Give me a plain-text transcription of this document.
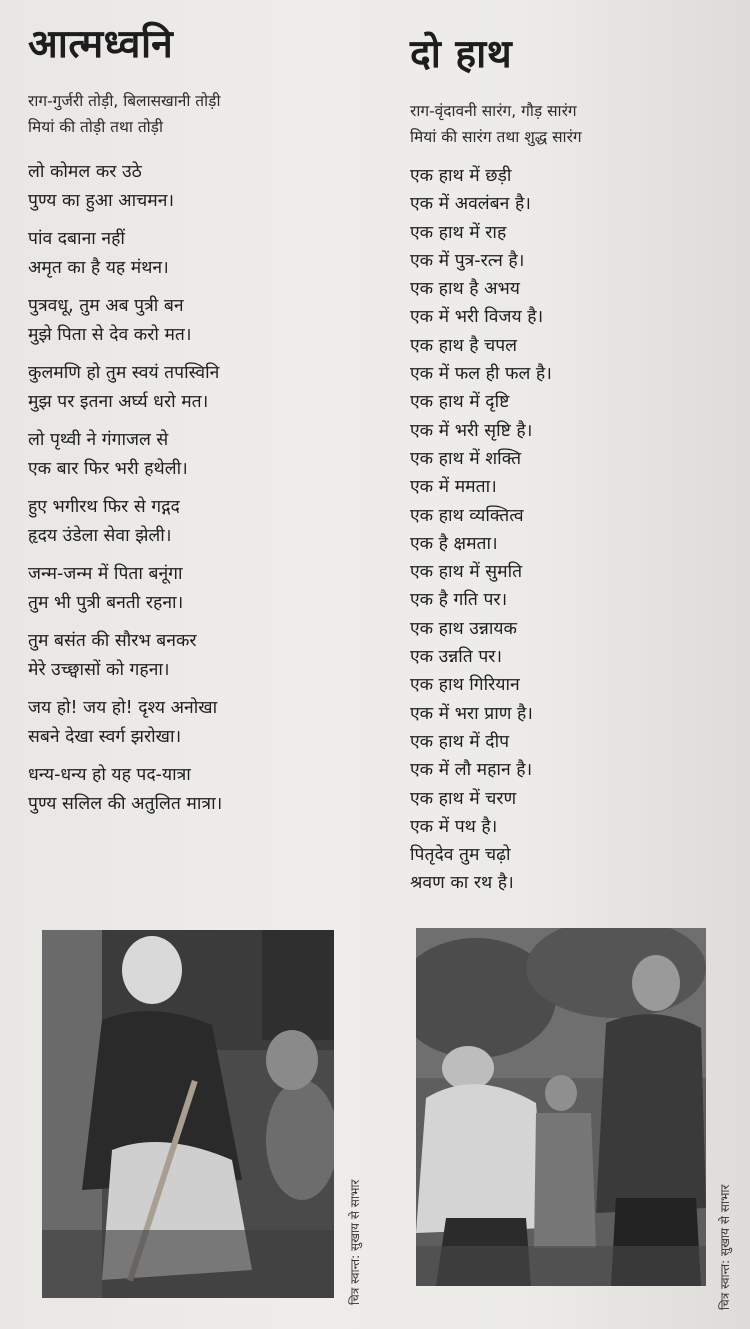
आत्मध्वनि
राग-गुर्जरी तोड़ी, बिलासखानी तोड़ी
मियां की तोड़ी तथा तोड़ी
लो कोमल कर उठे
पुण्य का हुआ आचमन।
पांव दबाना नहीं
अमृत का है यह मंथन।
पुत्रवधू, तुम अब पुत्री बन
मुझे पिता से देव करो मत।
कुलमणि हो तुम स्वयं तपस्विनि
मुझ पर इतना अर्घ्य धरो मत।
लो पृथ्वी ने गंगाजल से
एक बार फिर भरी हथेली।
हुए भगीरथ फिर से गद्गद
हृदय उंडेला सेवा झेली।
जन्म-जन्म में पिता बनूंगा
तुम भी पुत्री बनती रहना।
तुम बसंत की सौरभ बनकर
मेरे उच्छ्वासों को गहना।
जय हो! जय हो! दृश्य अनोखा
सबने देखा स्वर्ग झरोखा।
धन्य-धन्य हो यह पद-यात्रा
पुण्य सलिल की अतुलित मात्रा।
दो हाथ
राग-वृंदावनी सारंग, गौड़ सारंग
मियां की सारंग तथा शुद्ध सारंग
एक हाथ में छड़ी
एक में अवलंबन है।
एक हाथ में राह
एक में पुत्र-रत्न है।
एक हाथ है अभय
एक में भरी विजय है।
एक हाथ है चपल
एक में फल ही फल है।
एक हाथ में दृष्टि
एक में भरी सृष्टि है।
एक हाथ में शक्ति
एक में ममता।
एक हाथ व्यक्तित्व
एक है क्षमता।
एक हाथ में सुमति
एक है गति पर।
एक हाथ उन्नायक
एक उन्नति पर।
एक हाथ गिरियान
एक में भरा प्राण है।
एक हाथ में दीप
एक में लौ महान है।
एक हाथ में चरण
एक में पथ है।
पितृदेव तुम चढ़ो
श्रवण का रथ है।
चित्र स्वान्त: सुखाय से साभार	चित्र स्वान्त: सुखाय से साभार
